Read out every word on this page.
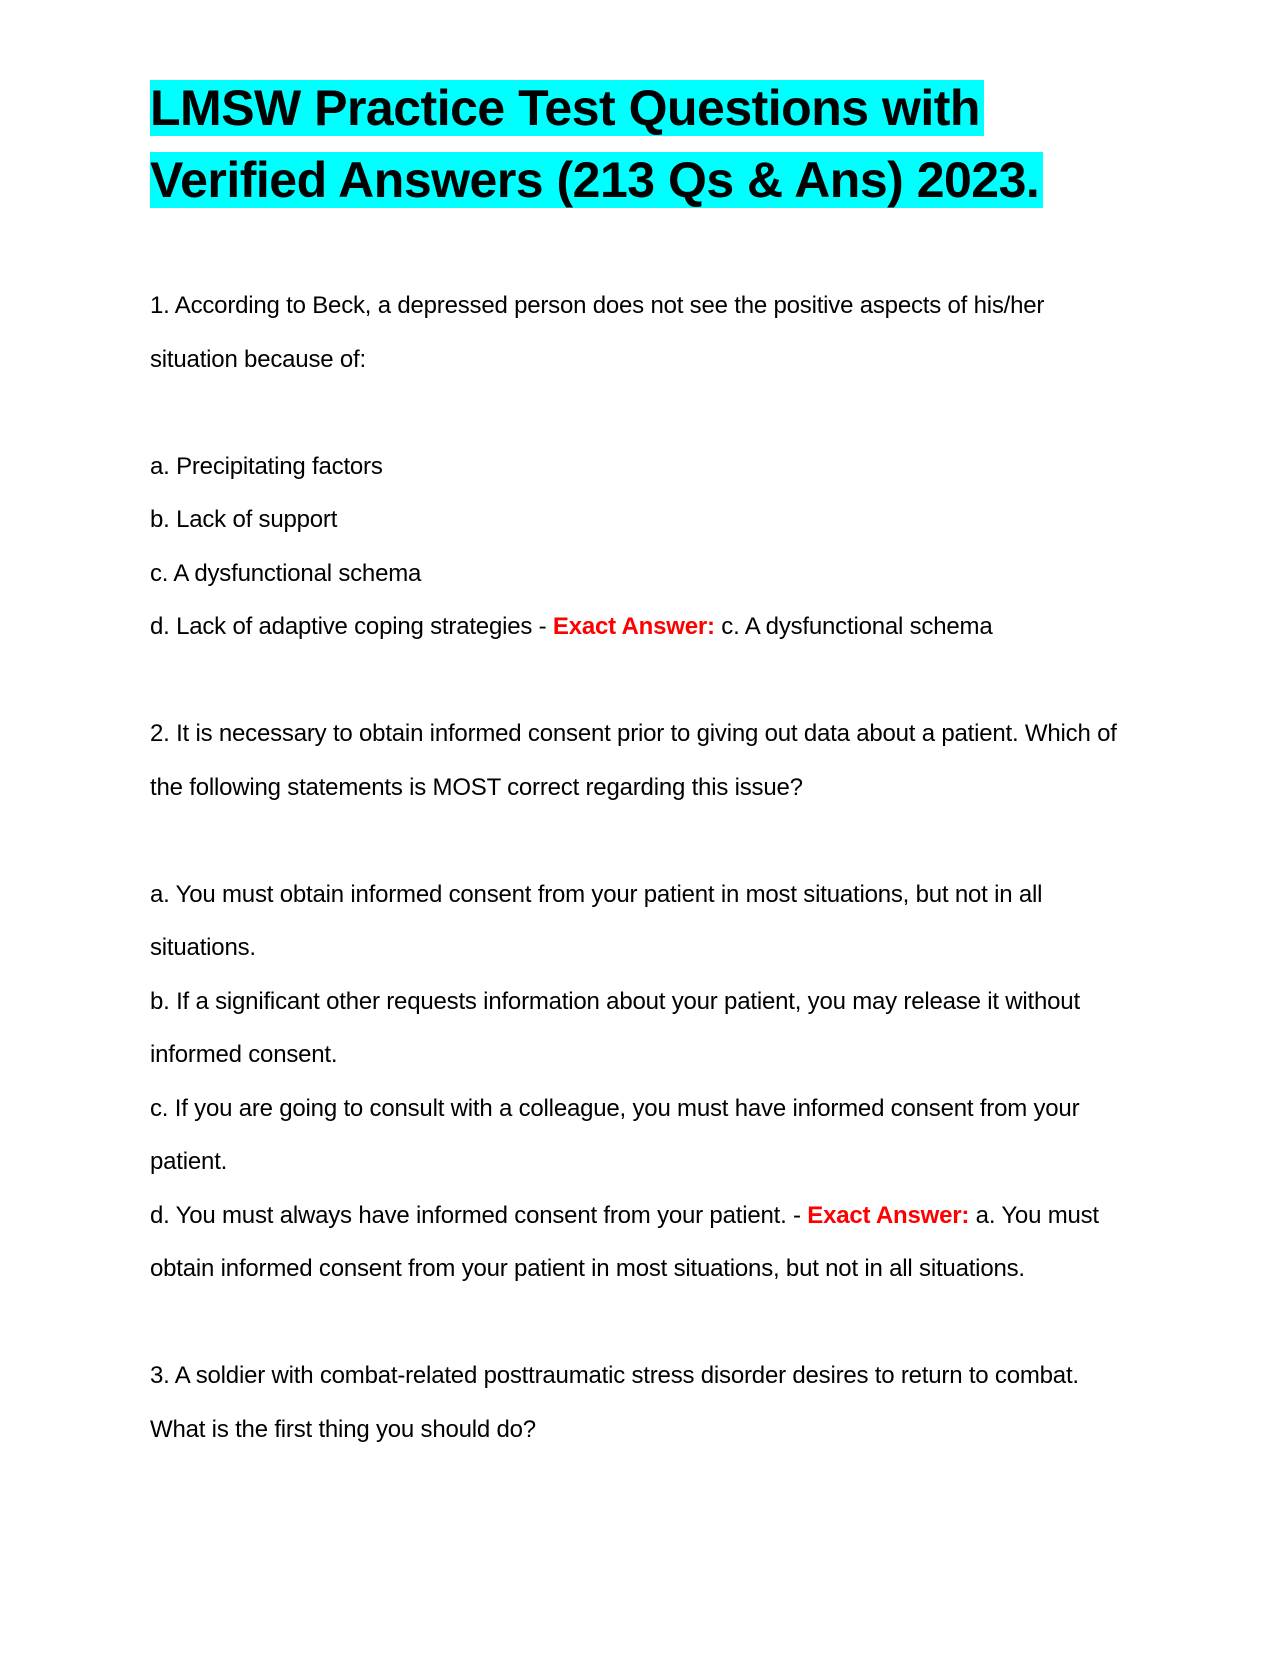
LMSW Practice Test Questions with
Verified Answers (213 Qs & Ans) 2023.

1. According to Beck, a depressed person does not see the positive aspects of his/her situation because of:

a. Precipitating factors

b. Lack of support

c. A dysfunctional schema

d. Lack of adaptive coping strategies - Exact Answer: c. A dysfunctional schema

2. It is necessary to obtain informed consent prior to giving out data about a patient. Which of the following statements is MOST correct regarding this issue?

a. You must obtain informed consent from your patient in most situations, but not in all situations.

b. If a significant other requests information about your patient, you may release it without informed consent.

c. If you are going to consult with a colleague, you must have informed consent from your patient.

d. You must always have informed consent from your patient. - Exact Answer: a. You must obtain informed consent from your patient in most situations, but not in all situations.

3. A soldier with combat-related posttraumatic stress disorder desires to return to combat. What is the first thing you should do?
